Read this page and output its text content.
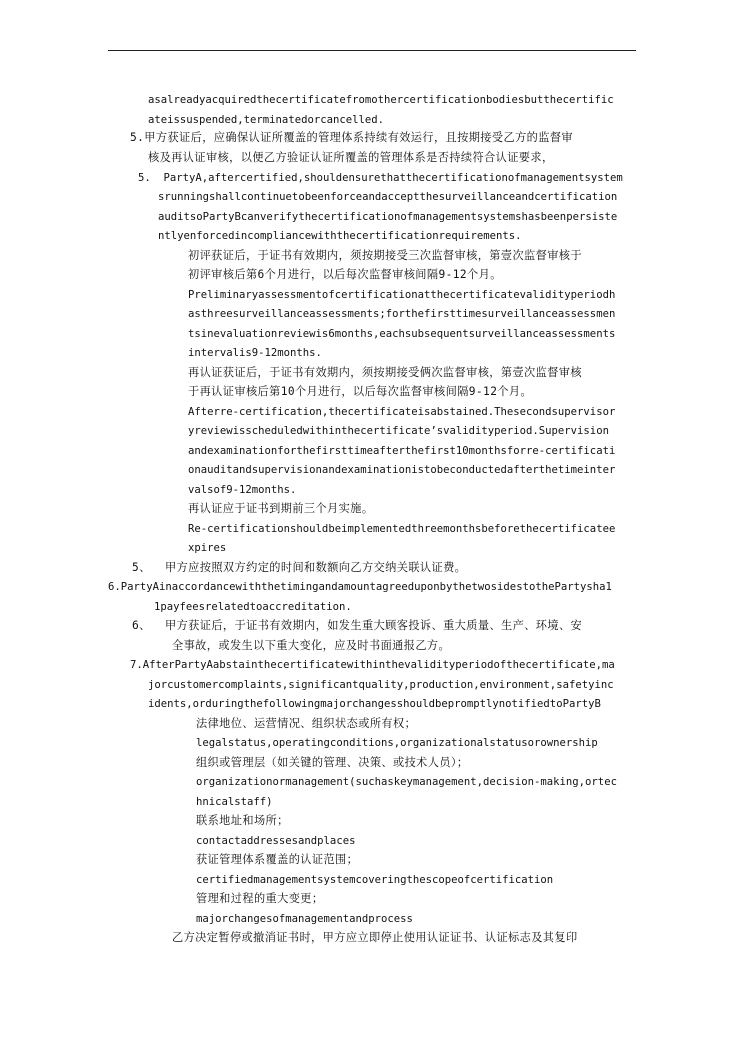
asalreadyacquiredthecertificatefromothercertificationbodiesbutthecertific
ateissuspended,terminatedorcancelled.
5.甲方获证后，应确保认证所覆盖的管理体系持续有效运行，且按期接受乙方的监督审
核及再认证审核，以便乙方验证认证所覆盖的管理体系是否持续符合认证要求，
5.  PartyA,aftercertified,shouldensurethatthecertificationofmanagementsystem
srunningshallcontinuetobeenforceandacceptthesurveillanceandcertification
auditsoPartyBcanverifythecertificationofmanagementsystemshasbeenpersiste
ntlyenforcedincompliancewiththecertificationrequirements.
初评获证后，于证书有效期内，须按期接受三次监督审核，第壹次监督审核于
初评审核后第6个月进行，以后每次监督审核间隔9-12个月。
Preliminaryassessmentofcertificationatthecertificatevalidityperiodh
asthreesurveillanceassessments;forthefirsttimesurveillanceassessmen
tsinevaluationreviewis6months,eachsubsequentsurveillanceassessments
intervalis9-12months.
再认证获证后，于证书有效期内，须按期接受俩次监督审核，第壹次监督审核
于再认证审核后第10个月进行，以后每次监督审核间隔9-12个月。
Afterre-certification,thecertificateisabstained.Thesecondsupervisor
yreviewisscheduledwithinthecertificate’svalidityperiod.Supervision
andexaminationforthefirsttimeafterthefirst10monthsforre-certificati
onauditandsupervisionandexaminationistobeconductedafterthetimeinter
valsof9-12months.
再认证应于证书到期前三个月实施。
Re-certificationshouldbeimplementedthreemonthsbeforethecertificatee
xpires
5、  甲方应按照双方约定的时间和数额向乙方交纳关联认证费。
6.PartyAinaccordancewiththetimingandamountagreeduponbythetwosidestothePartysha1
1payfeesrelatedtoaccreditation.
6、  甲方获证后，于证书有效期内，如发生重大顾客投诉、重大质量、生产、环境、安
全事故，或发生以下重大变化，应及时书面通报乙方。
7.AfterPartyAabstainthecertificatewithinthevalidityperiodofthecertificate,ma
jorcustomercomplaints,significantquality,production,environment,safetyinc
idents,orduringthefollowingmajorchangesshouldbepromptlynotifiedtoPartyB
法律地位、运营情况、组织状态或所有权；
legalstatus,operatingconditions,organizationalstatusorownership
组织或管理层（如关键的管理、决策、或技术人员）；
organizationormanagement(suchaskeymanagement,decision-making,ortec
hnicalstaff)
联系地址和场所；
contactaddressesandplaces
获证管理体系覆盖的认证范围；
certifiedmanagementsystemcoveringthescopeofcertification
管理和过程的重大变更；
majorchangesofmanagementandprocess
乙方决定暂停或撤消证书时，甲方应立即停止使用认证证书、认证标志及其复印
